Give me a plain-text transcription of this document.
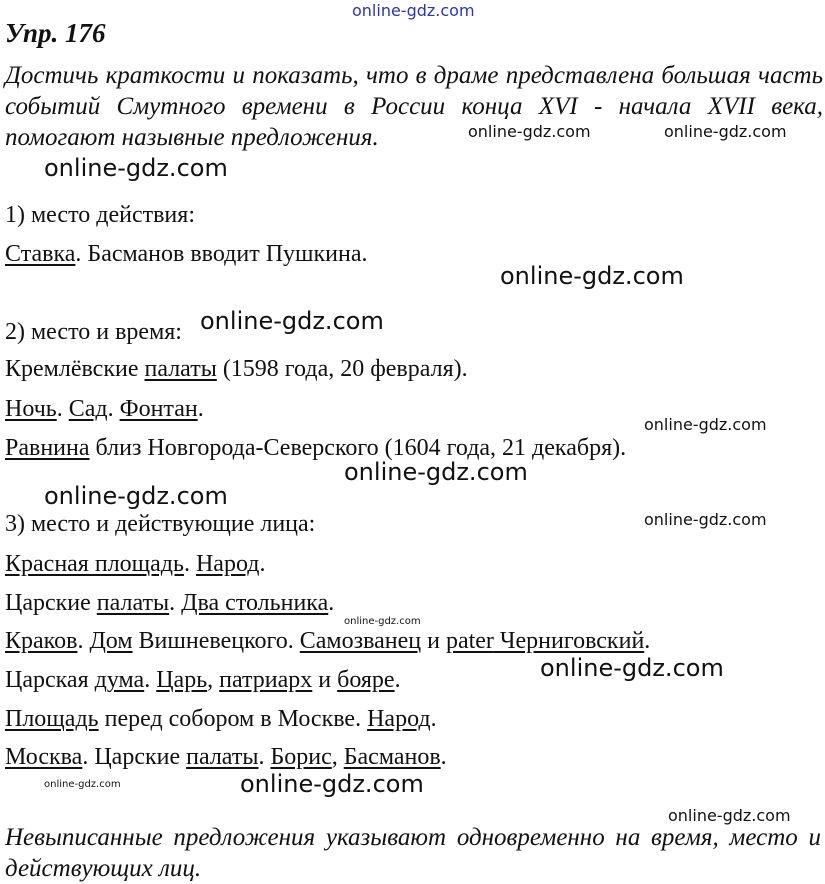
online-gdz.com
online-gdz.com	online-gdz.com
online-gdz.com
online-gdz.com
online-gdz.com
online-gdz.com
online-gdz.com
online-gdz.com
online-gdz.com
online-gdz.com
online-gdz.com
online-gdz.com	online-gdz.com
online-gdz.com
Упр. 176
Достичь краткости и показать, что в драме представлена большая часть событий Смутного времени в России конца XVI - начала XVII века, помогают назывные предложения.
1) место действия:
Ставка. Басманов вводит Пушкина.
2) место и время:
Кремлёвские палаты (1598 года, 20 февраля).
Ночь. Сад. Фонтан.
Равнина близ Новгорода-Северского (1604 года, 21 декабря).
3) место и действующие лица:
Красная площадь. Народ.
Царские палаты. Два стольника.
Краков. Дом Вишневецкого. Самозванец и pater Черниговский.
Царская дума. Царь, патриарх и бояре.
Площадь перед собором в Москве. Народ.
Москва. Царские палаты. Борис, Басманов.
Невыписанные предложения указывают одновременно на время, место и действующих лиц.
